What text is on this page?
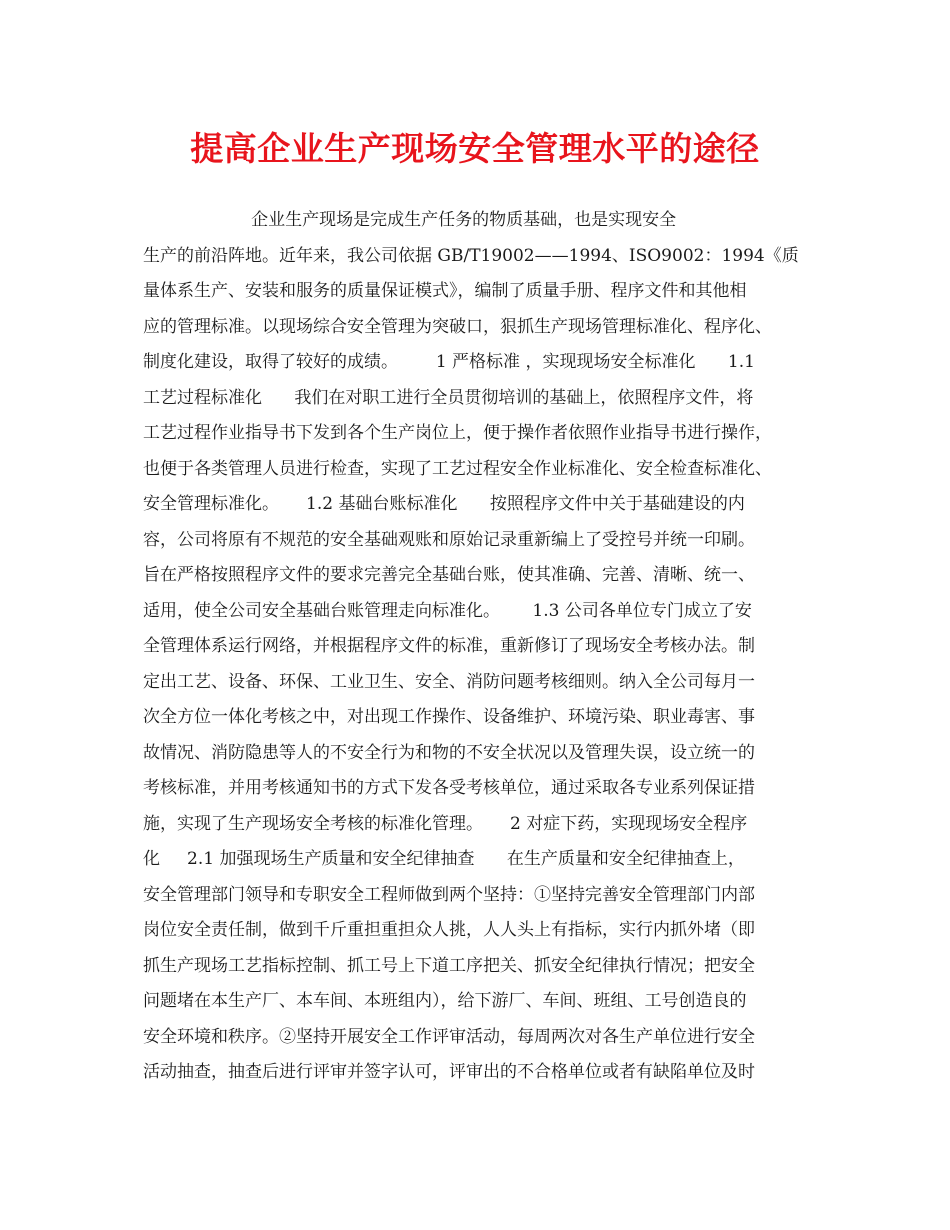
提高企业生产现场安全管理水平的途径
企业生产现场是完成生产任务的物质基础，也是实现安全
生产的前沿阵地。近年来，我公司依据 GB/T19002——1994、ISO9002：1994《质
量体系生产、安装和服务的质量保证模式》，编制了质量手册、程序文件和其他相
应的管理标准。以现场综合安全管理为突破口，狠抓生产现场管理标准化、程序化、
制度化建设，取得了较好的成绩。       1 严格标准 ，实现现场安全标准化      1.1
工艺过程标准化      我们在对职工进行全员贯彻培训的基础上，依照程序文件，将
工艺过程作业指导书下发到各个生产岗位上，便于操作者依照作业指导书进行操作，
也便于各类管理人员进行检查，实现了工艺过程安全作业标准化、安全检查标准化、
安全管理标准化。     1.2 基础台账标准化      按照程序文件中关于基础建设的内
容，公司将原有不规范的安全基础观账和原始记录重新编上了受控号并统一印刷。
旨在严格按照程序文件的要求完善完全基础台账，使其准确、完善、清晰、统一、
适用，使全公司安全基础台账管理走向标准化。      1.3 公司各单位专门成立了安
全管理体系运行网络，并根据程序文件的标准，重新修订了现场安全考核办法。制
定出工艺、设备、环保、工业卫生、安全、消防问题考核细则。纳入全公司每月一
次全方位一体化考核之中，对出现工作操作、设备维护、环境污染、职业毒害、事
故情况、消防隐患等人的不安全行为和物的不安全状况以及管理失误，设立统一的
考核标准，并用考核通知书的方式下发各受考核单位，通过采取各专业系列保证措
施，实现了生产现场安全考核的标准化管理。     2 对症下药，实现现场安全程序
化     2.1 加强现场生产质量和安全纪律抽查      在生产质量和安全纪律抽查上，
安全管理部门领导和专职安全工程师做到两个坚持：①坚持完善安全管理部门内部
岗位安全责任制，做到千斤重担重担众人挑，人人头上有指标，实行内抓外堵（即
抓生产现场工艺指标控制、抓工号上下道工序把关、抓安全纪律执行情况；把安全
问题堵在本生产厂、本车间、本班组内），给下游厂、车间、班组、工号创造良的
安全环境和秩序。②坚持开展安全工作评审活动，每周两次对各生产单位进行安全
活动抽查，抽查后进行评审并签字认可，评审出的不合格单位或者有缺陷单位及时
